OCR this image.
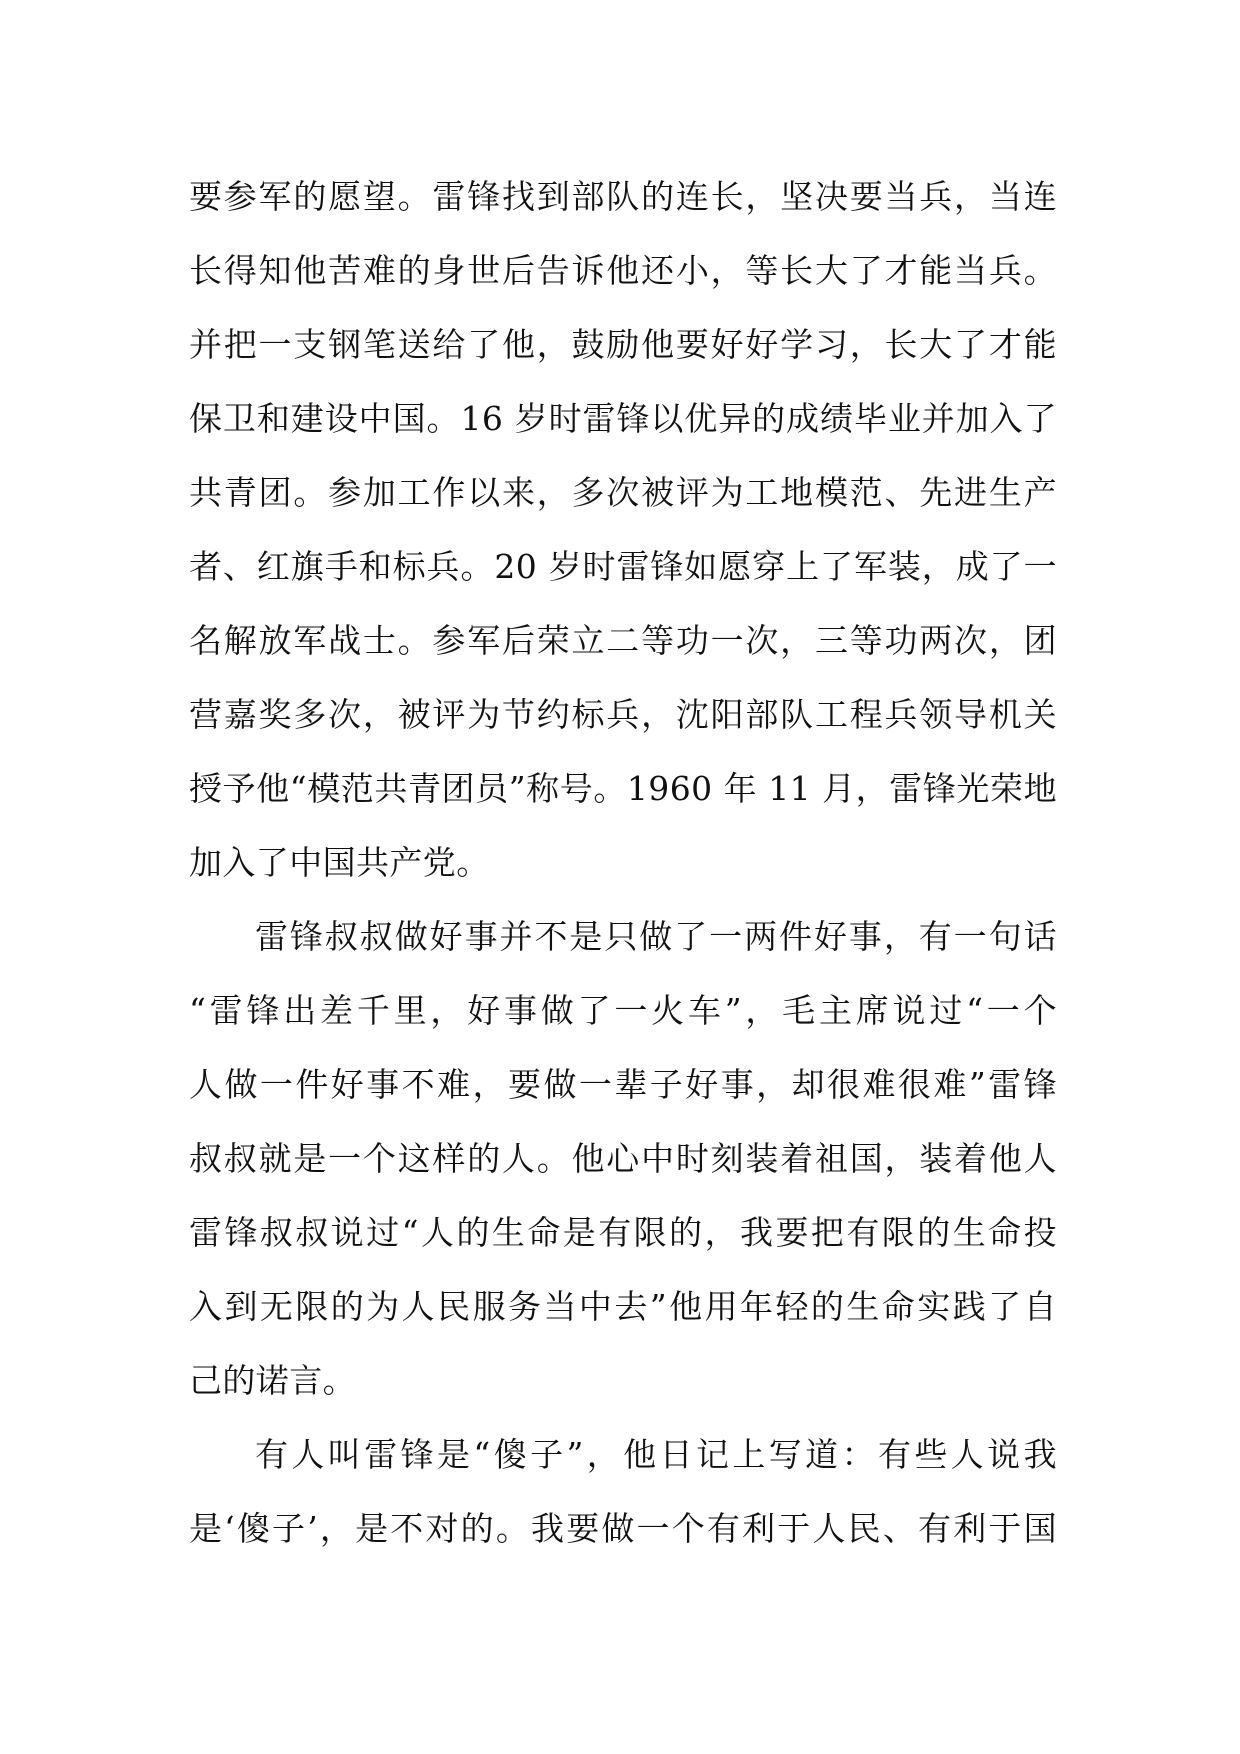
要参军的愿望。雷锋找到部队的连长，坚决要当兵，当连
长得知他苦难的身世后告诉他还小，等长大了才能当兵。
并把一支钢笔送给了他，鼓励他要好好学习，长大了才能
保卫和建设中国。16 岁时雷锋以优异的成绩毕业并加入了
共青团。参加工作以来，多次被评为工地模范、先进生产
者、红旗手和标兵。20 岁时雷锋如愿穿上了军装，成了一
名解放军战士。参军后荣立二等功一次，三等功两次，团
营嘉奖多次，被评为节约标兵，沈阳部队工程兵领导机关
授予他“模范共青团员”称号。1960 年 11 月，雷锋光荣地
加入了中国共产党。

雷锋叔叔做好事并不是只做了一两件好事，有一句话
“雷锋出差千里，好事做了一火车”，毛主席说过“一个
人做一件好事不难，要做一辈子好事，却很难很难”雷锋
叔叔就是一个这样的人。他心中时刻装着祖国，装着他人
雷锋叔叔说过“人的生命是有限的，我要把有限的生命投
入到无限的为人民服务当中去”他用年轻的生命实践了自
己的诺言。

有人叫雷锋是“傻子”，他日记上写道：有些人说我
是‘傻子’，是不对的。我要做一个有利于人民、有利于国
